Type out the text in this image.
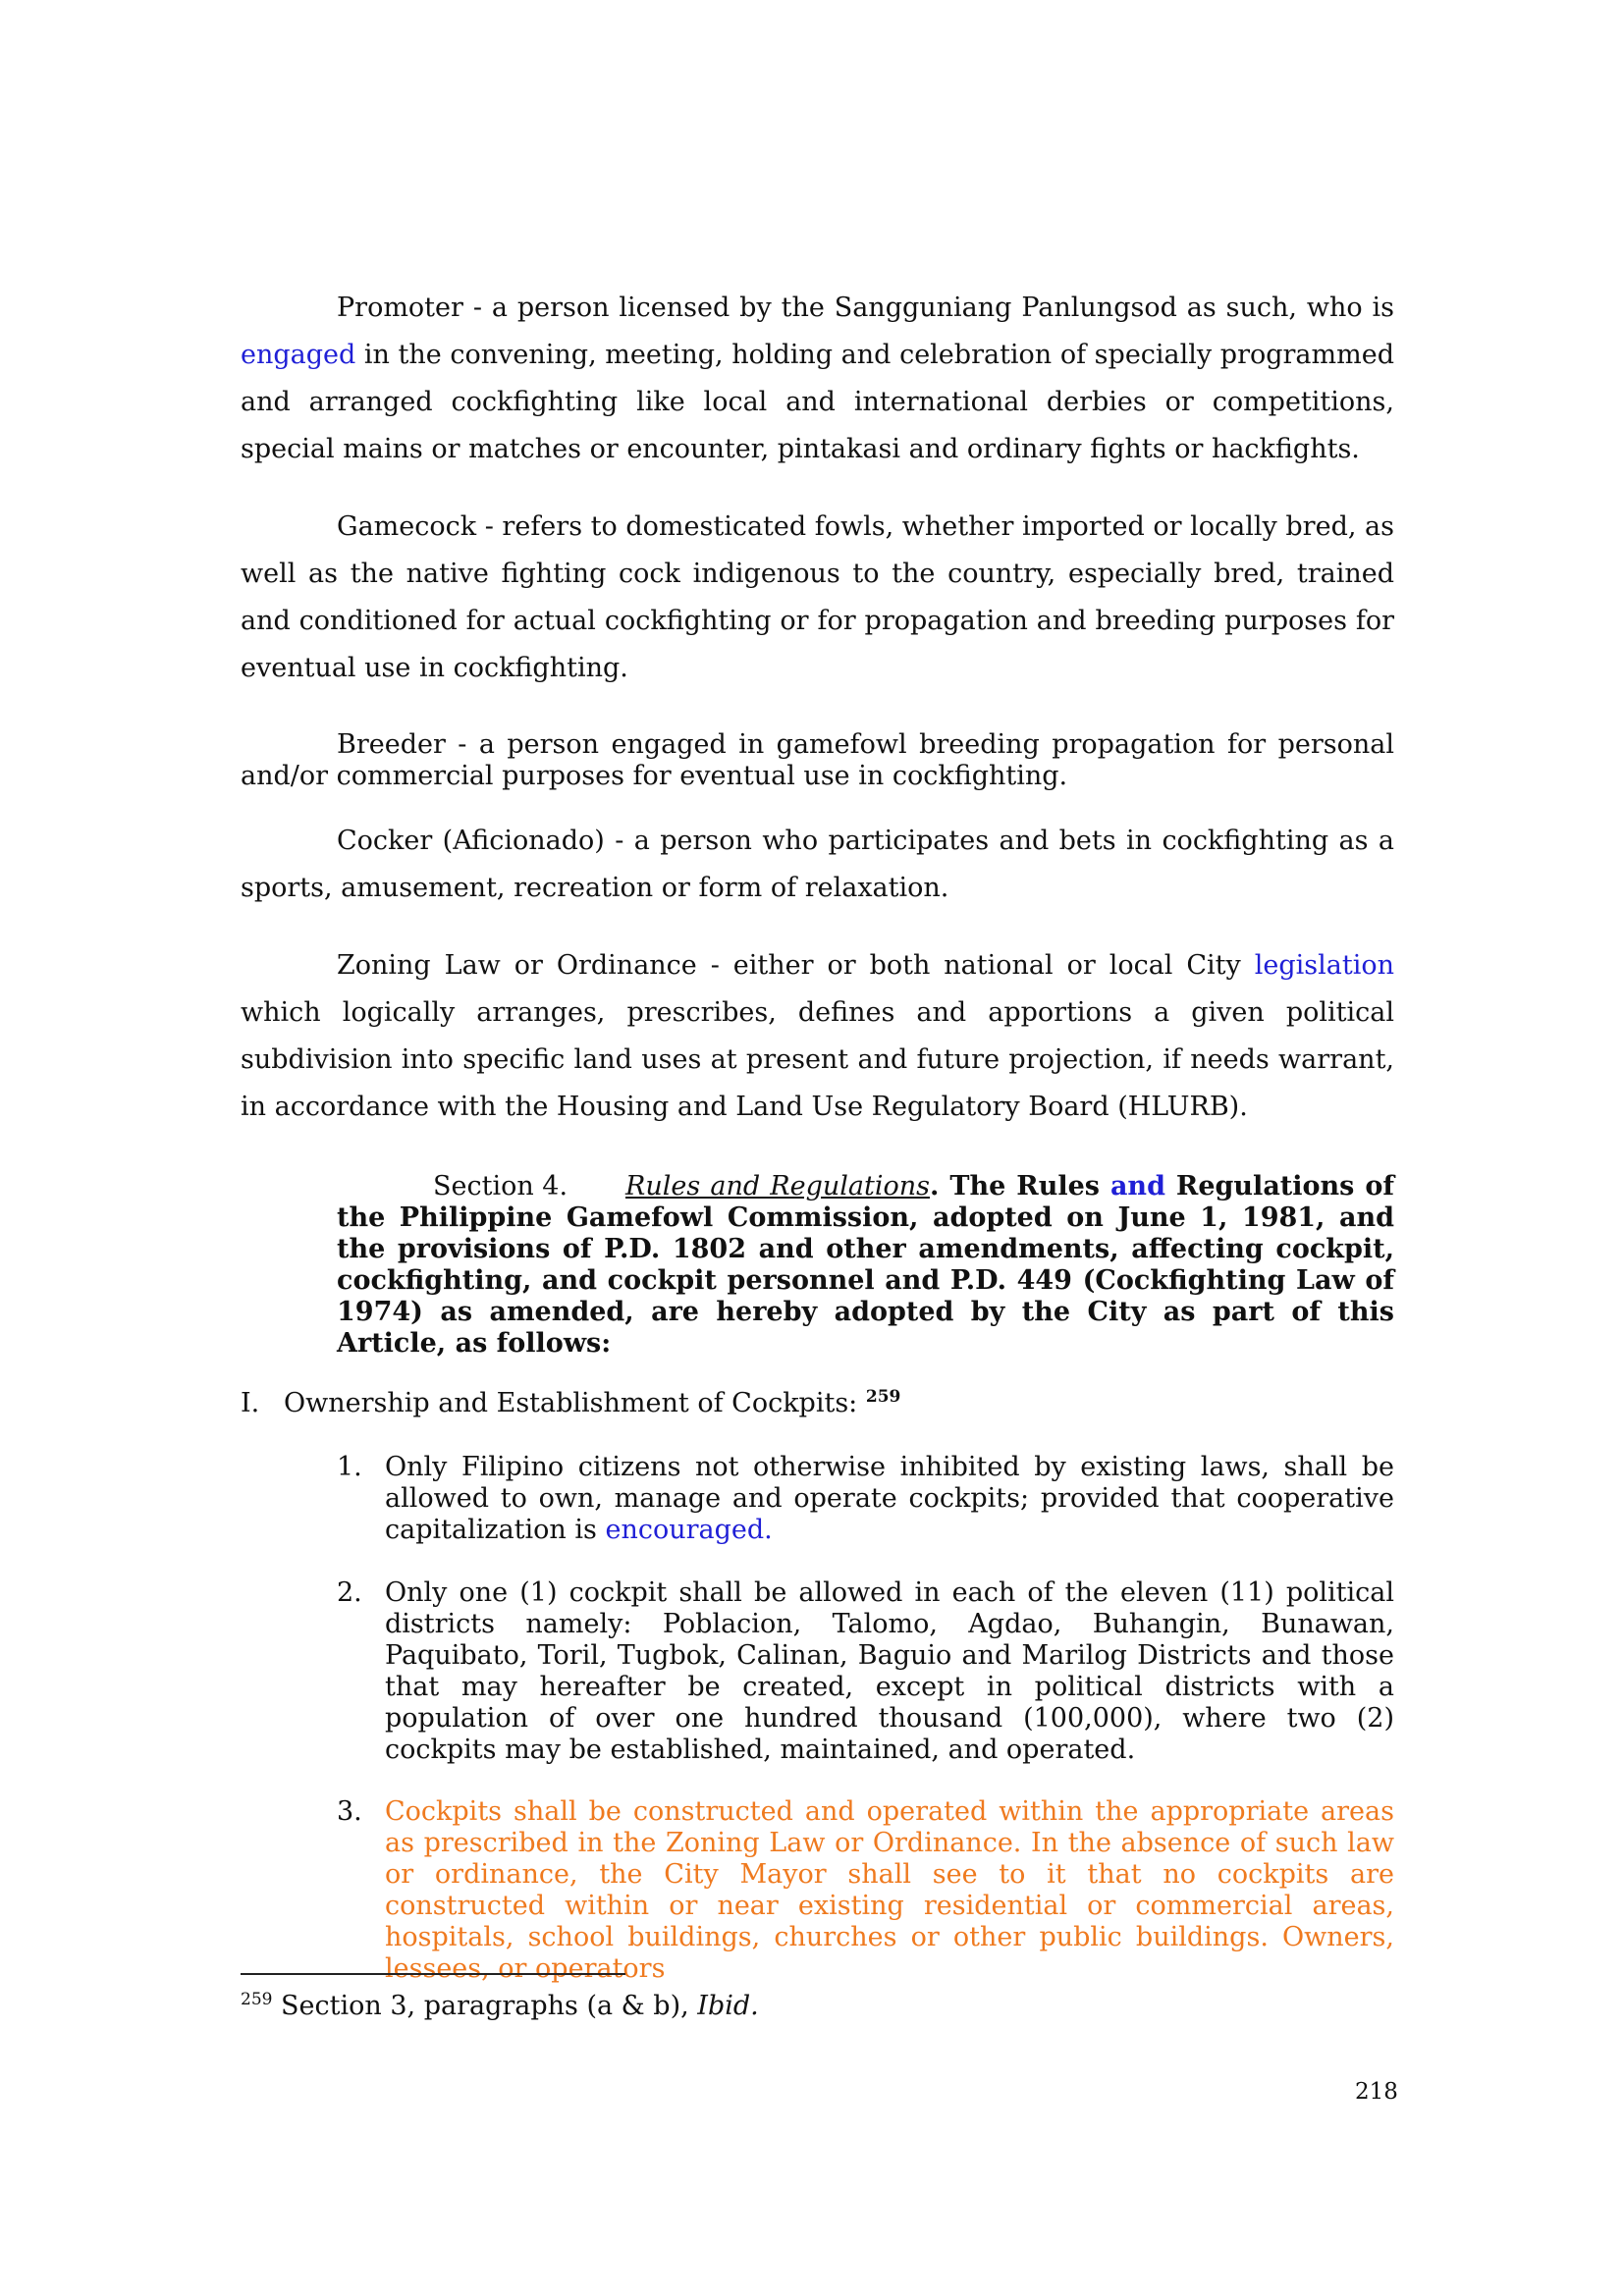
Promoter - a person licensed by the Sangguniang Panlungsod as such, who is engaged in the convening, meeting, holding and celebration of specially programmed and arranged cockfighting like local and international derbies or competitions, special mains or matches or encounter, pintakasi and ordinary fights or hackfights.

Gamecock - refers to domesticated fowls, whether imported or locally bred, as well as the native fighting cock indigenous to the country, especially bred, trained and conditioned for actual cockfighting or for propagation and breeding purposes for eventual use in cockfighting.

Breeder - a person engaged in gamefowl breeding propagation for personal and/or commercial purposes for eventual use in cockfighting.

Cocker (Aficionado) - a person who participates and bets in cockfighting as a sports, amusement, recreation or form of relaxation.

Zoning Law or Ordinance - either or both national or local City legislation which logically arranges, prescribes, defines and apportions a given political subdivision into specific land uses at present and future projection, if needs warrant, in accordance with the Housing and Land Use Regulatory Board (HLURB).

Section 4. Rules and Regulations. The Rules and Regulations of the Philippine Gamefowl Commission, adopted on June 1, 1981, and the provisions of P.D. 1802 and other amendments, affecting cockpit, cockfighting, and cockpit personnel and P.D. 449 (Cockfighting Law of 1974) as amended, are hereby adopted by the City as part of this Article, as follows:
I. Ownership and Establishment of Cockpits: $^{259}$
1. Only Filipino citizens not otherwise inhibited by existing laws, shall be allowed to own, manage and operate cockpits; provided that cooperative capitalization is encouraged.
2. Only one (1) cockpit shall be allowed in each of the eleven (11) political districts namely: Poblacion, Talomo, Agdao, Buhangin, Bunawan, Paquibato, Toril, Tugbok, Calinan, Baguio and Marilog Districts and those that may hereafter be created, except in political districts with a population of over one hundred thousand (100,000), where two (2) cockpits may be established, maintained, and operated.
3. Cockpits shall be constructed and operated within the appropriate areas as prescribed in the Zoning Law or Ordinance. In the absence of such law or ordinance, the City Mayor shall see to it that no cockpits are constructed within or near existing residential or commercial areas, hospitals, school buildings, churches or other public buildings. Owners, lessees, or operators
$^{259}$ Section 3, paragraphs (a & b), Ibid.
218
